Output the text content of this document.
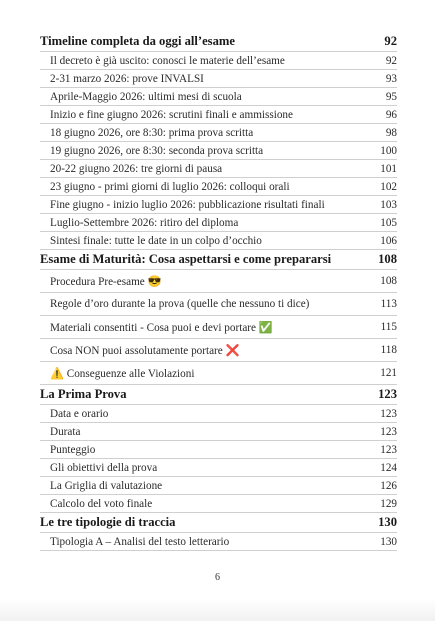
Timeline completa da oggi all’esame	92
Il decreto è già uscito: conosci le materie dell’esame	92
2-31 marzo 2026: prove INVALSI	93
Aprile-Maggio 2026: ultimi mesi di scuola	95
Inizio e fine giugno 2026: scrutini finali e ammissione	96
18 giugno 2026, ore 8:30: prima prova scritta	98
19 giugno 2026, ore 8:30: seconda prova scritta	100
20-22 giugno 2026: tre giorni di pausa	101
23 giugno - primi giorni di luglio 2026: colloqui orali	102
Fine giugno - inizio luglio 2026: pubblicazione risultati finali	103
Luglio-Settembre 2026: ritiro del diploma	105
Sintesi finale: tutte le date in un colpo d’occhio	106
Esame di Maturità: Cosa aspettarsi e come prepararsi	108
Procedura Pre-esame 😎	108
Regole d’oro durante la prova (quelle che nessuno ti dice)	113
Materiali consentiti - Cosa puoi e devi portare ✅	115
Cosa NON puoi assolutamente portare ❌	118
⚠️ Conseguenze alle Violazioni	121
La Prima Prova	123
Data e orario	123
Durata	123
Punteggio	123
Gli obiettivi della prova	124
La Griglia di valutazione	126
Calcolo del voto finale	129
Le tre tipologie di traccia	130
Tipologia A – Analisi del testo letterario	130
6
